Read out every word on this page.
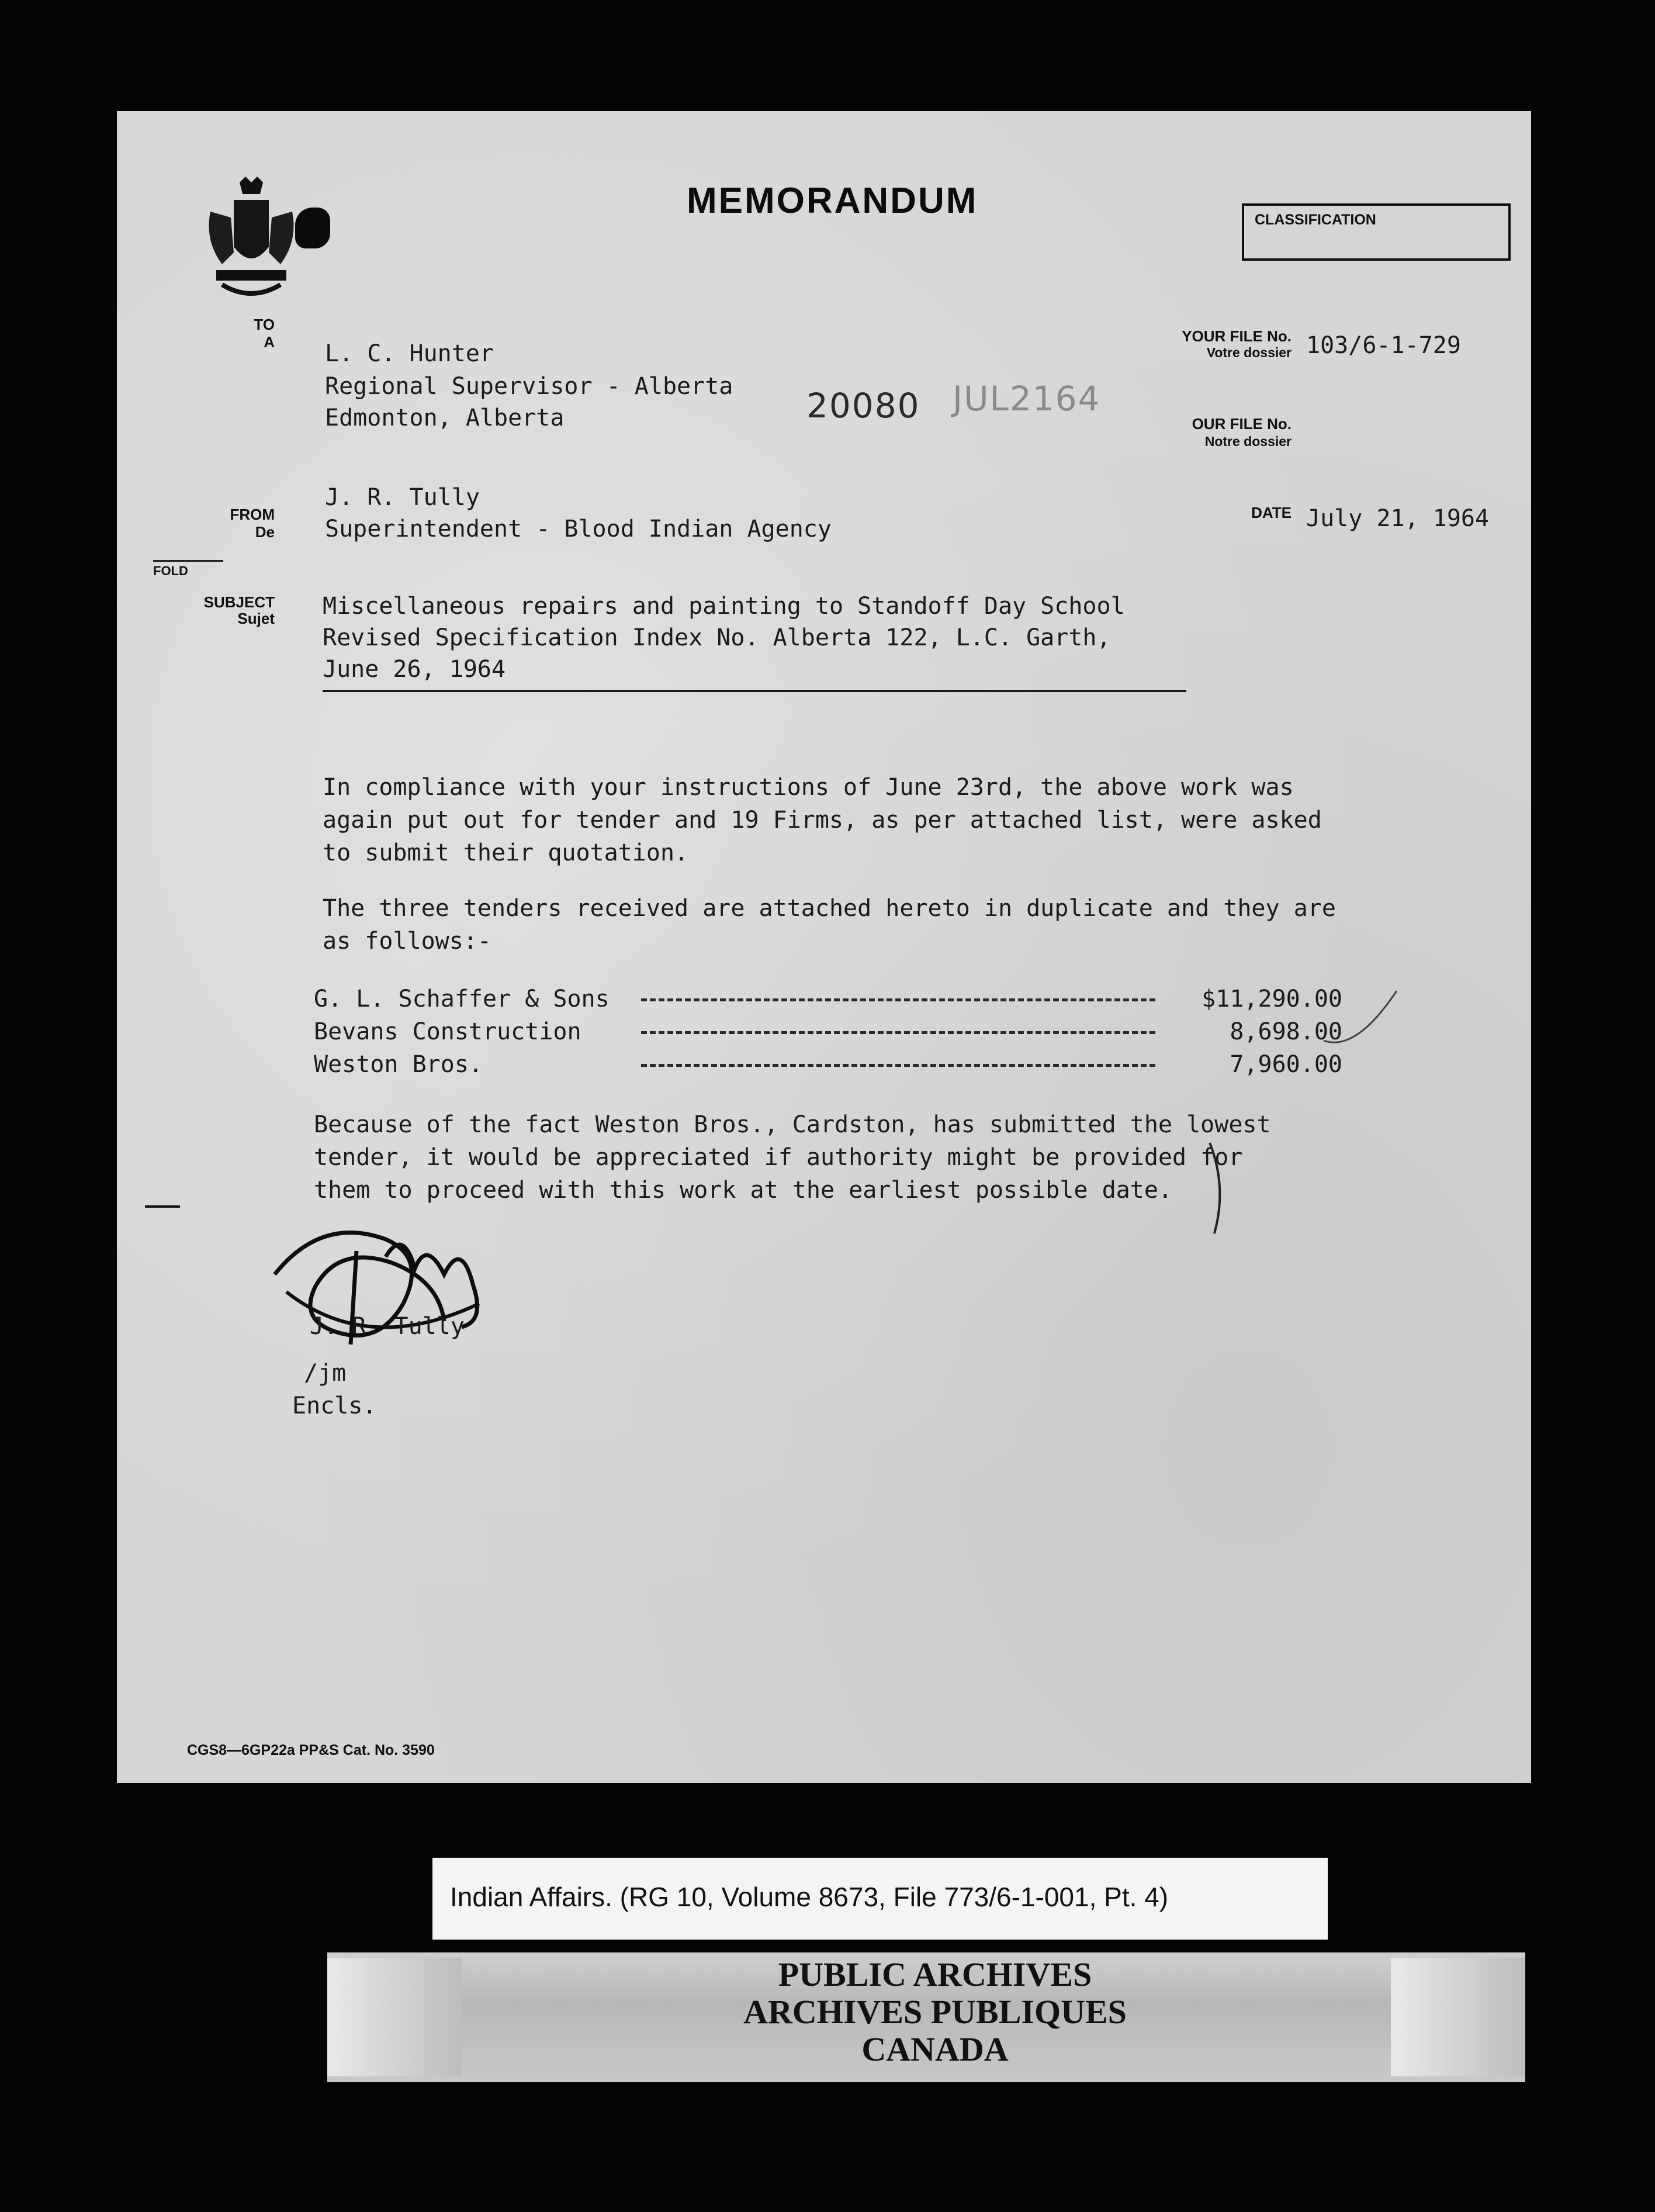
MEMORANDUM	CLASSIFICATION
TO
A L. C. Hunter
Regional Supervisor - Alberta
Edmonton, Alberta
YOUR FILE No.
Votre dossier 103/6-1-729
20080 JUL2164
OUR FILE No.
Notre dossier
FROM
De
J. R. Tully
Superintendent - Blood Indian Agency
DATE July 21, 1964
FOLD
SUBJECT
Sujet Miscellaneous repairs and painting to Standoff Day School
Revised Specification Index No. Alberta 122, L.C. Garth,
June 26, 1964
In compliance with your instructions of June 23rd, the above work was
again put out for tender and 19 Firms, as per attached list, were asked
to submit their quotation.
The three tenders received are attached hereto in duplicate and they are
as follows:-
G. L. Schaffer & Sons	$11,290.00
Bevans Construction	8,698.00
Weston Bros.	7,960.00
Because of the fact Weston Bros., Cardston, has submitted the lowest
tender, it would be appreciated if authority might be provided for
them to proceed with this work at the earliest possible date.
J. R. Tully
/jm
Encls.
CGS8—6GP22a PP&S Cat. No. 3590
Indian Affairs. (RG 10, Volume 8673, File 773/6-1-001, Pt. 4)
PUBLIC ARCHIVES
ARCHIVES PUBLIQUES
CANADA
